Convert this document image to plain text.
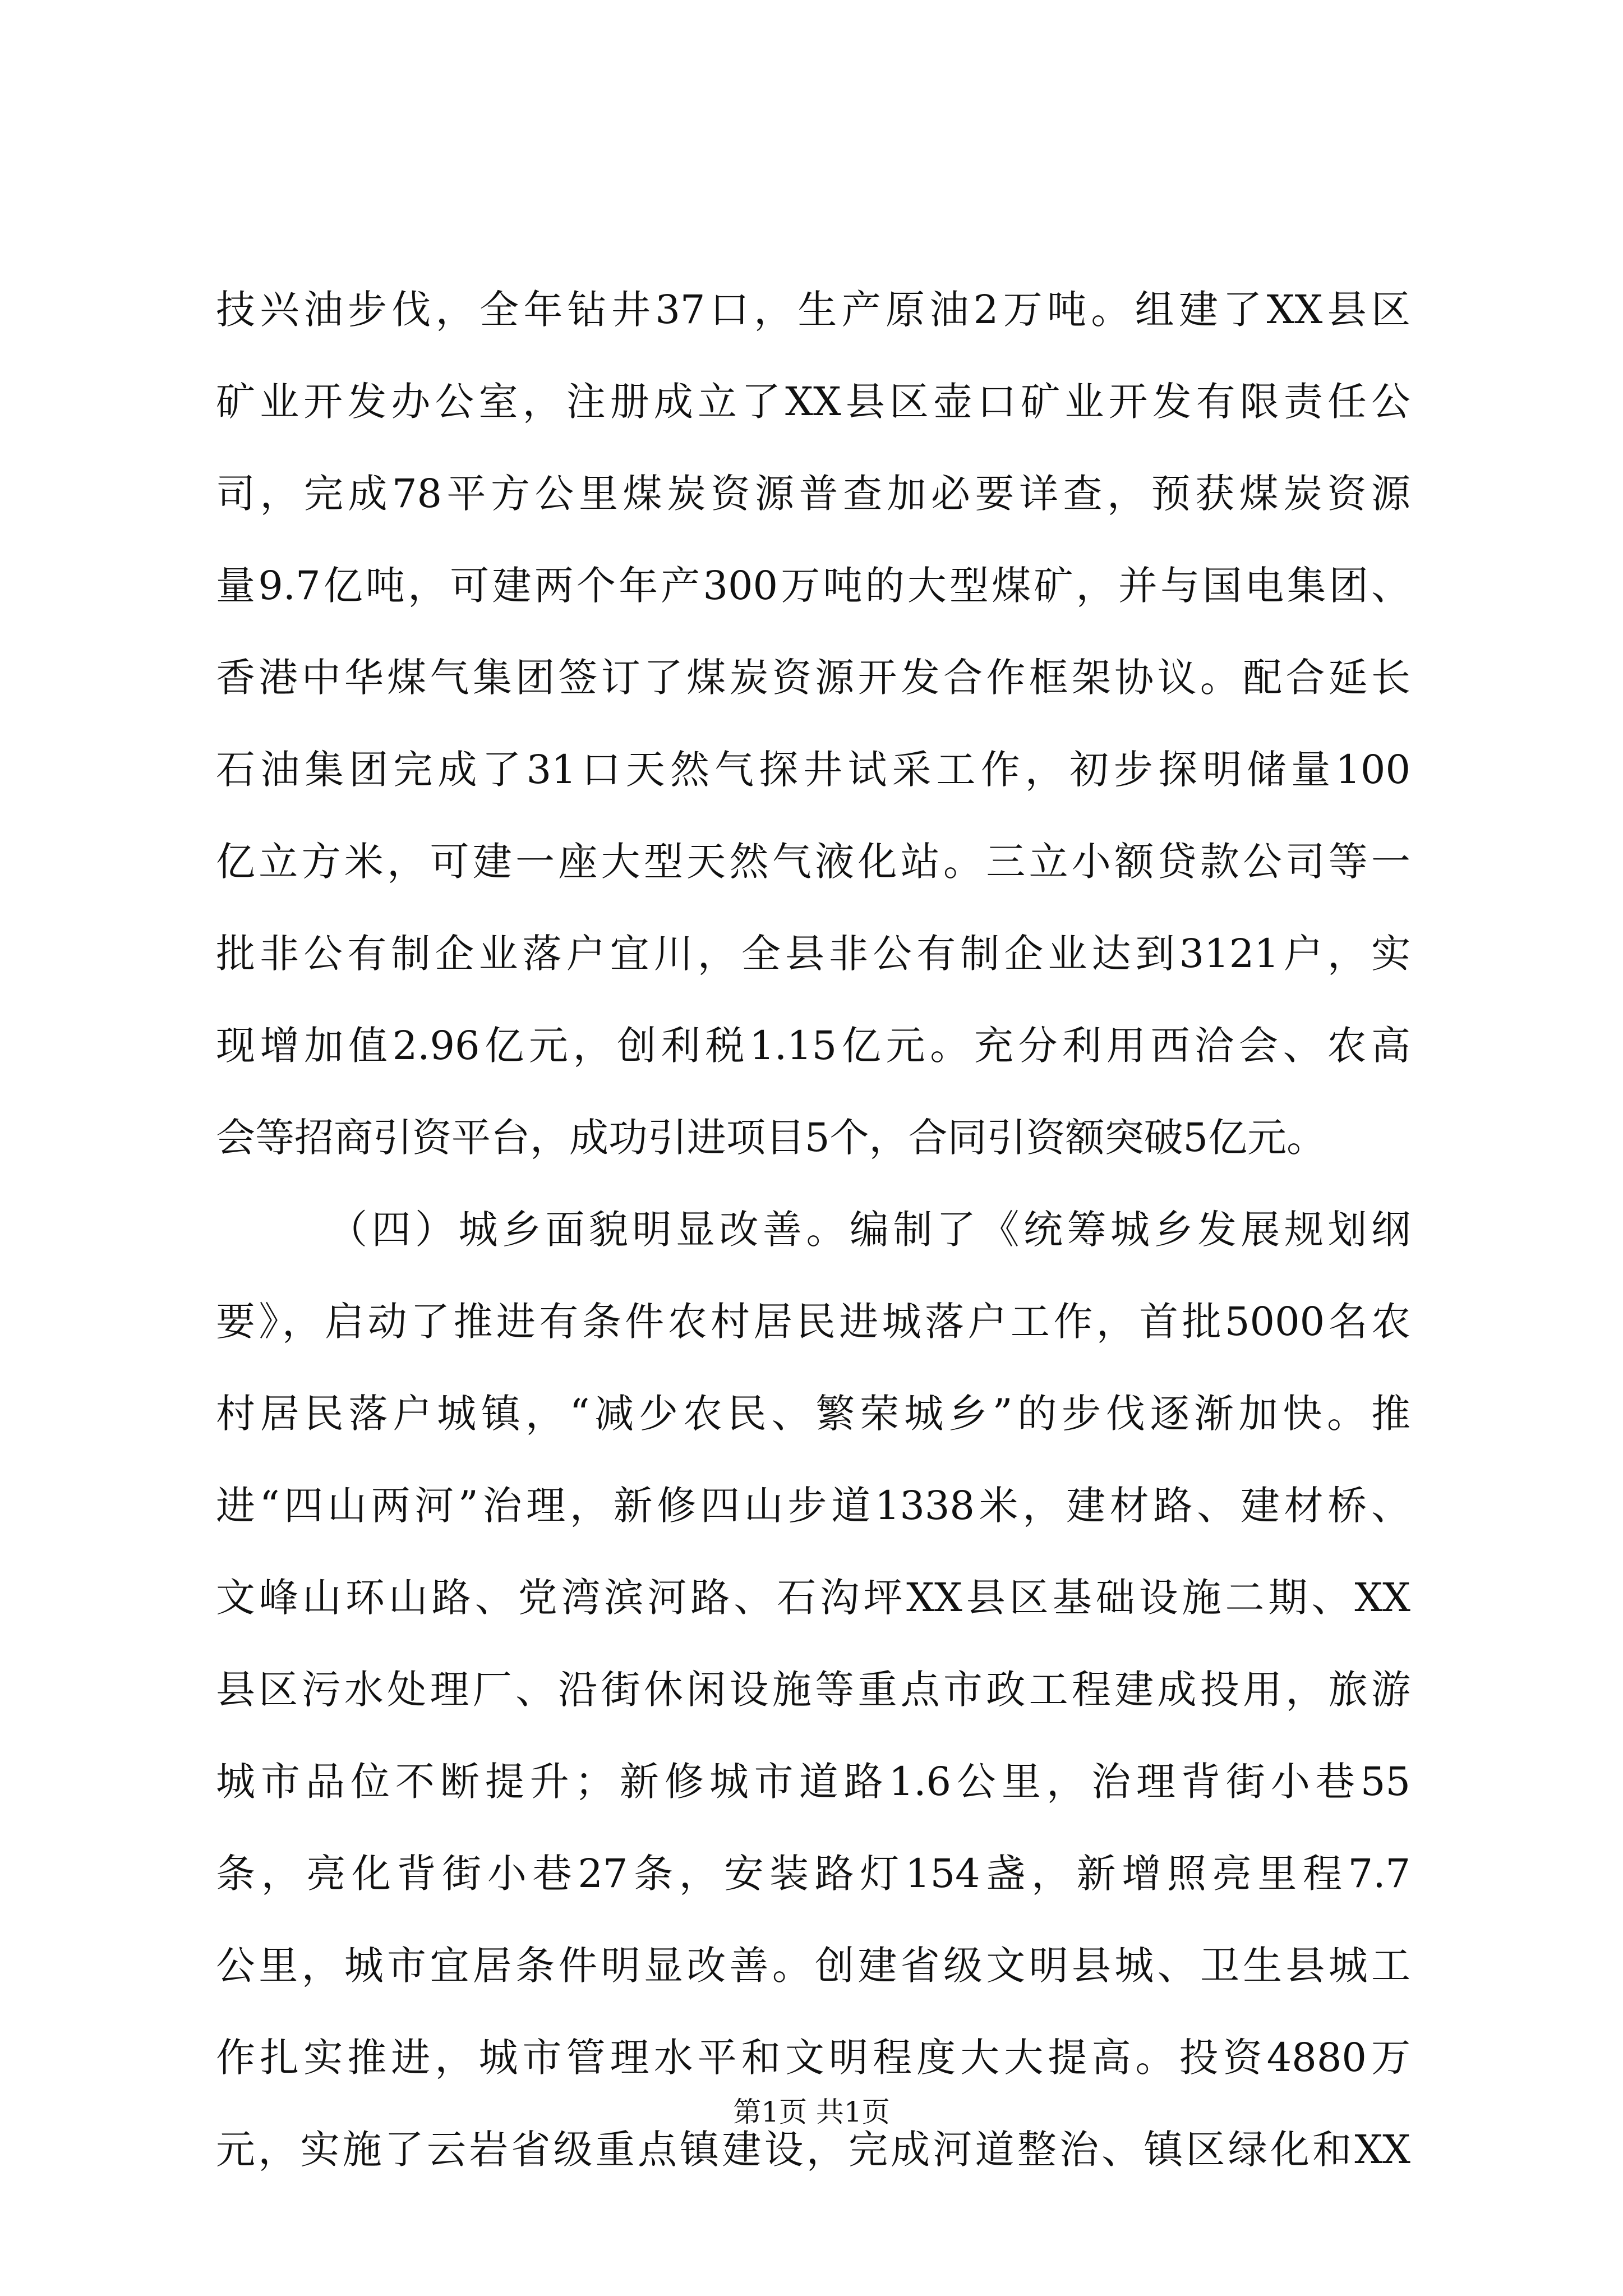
技兴油步伐，全年钻井37口，生产原油2万吨。组建了XX县区
矿业开发办公室，注册成立了XX县区壶口矿业开发有限责任公
司，完成78平方公里煤炭资源普查加必要详查，预获煤炭资源
量9.7亿吨，可建两个年产300万吨的大型煤矿，并与国电集团、
香港中华煤气集团签订了煤炭资源开发合作框架协议。配合延长
石油集团完成了31口天然气探井试采工作，初步探明储量100
亿立方米，可建一座大型天然气液化站。三立小额贷款公司等一
批非公有制企业落户宜川，全县非公有制企业达到3121户，实
现增加值2.96亿元，创利税1.15亿元。充分利用西洽会、农高
会等招商引资平台，成功引进项目5个，合同引资额突破5亿元。
（四）城乡面貌明显改善。编制了《统筹城乡发展规划纲
要》，启动了推进有条件农村居民进城落户工作，首批5000名农
村居民落户城镇，“减少农民、繁荣城乡”的步伐逐渐加快。推
进“四山两河”治理，新修四山步道1338米，建材路、建材桥、
文峰山环山路、党湾滨河路、石沟坪XX县区基础设施二期、XX
县区污水处理厂、沿街休闲设施等重点市政工程建成投用，旅游
城市品位不断提升；新修城市道路1.6公里，治理背街小巷55
条，亮化背街小巷27条，安装路灯154盏，新增照亮里程7.7
公里，城市宜居条件明显改善。创建省级文明县城、卫生县城工
作扎实推进，城市管理水平和文明程度大大提高。投资4880万
元，实施了云岩省级重点镇建设，完成河道整治、镇区绿化和XX
第1页 共1页
